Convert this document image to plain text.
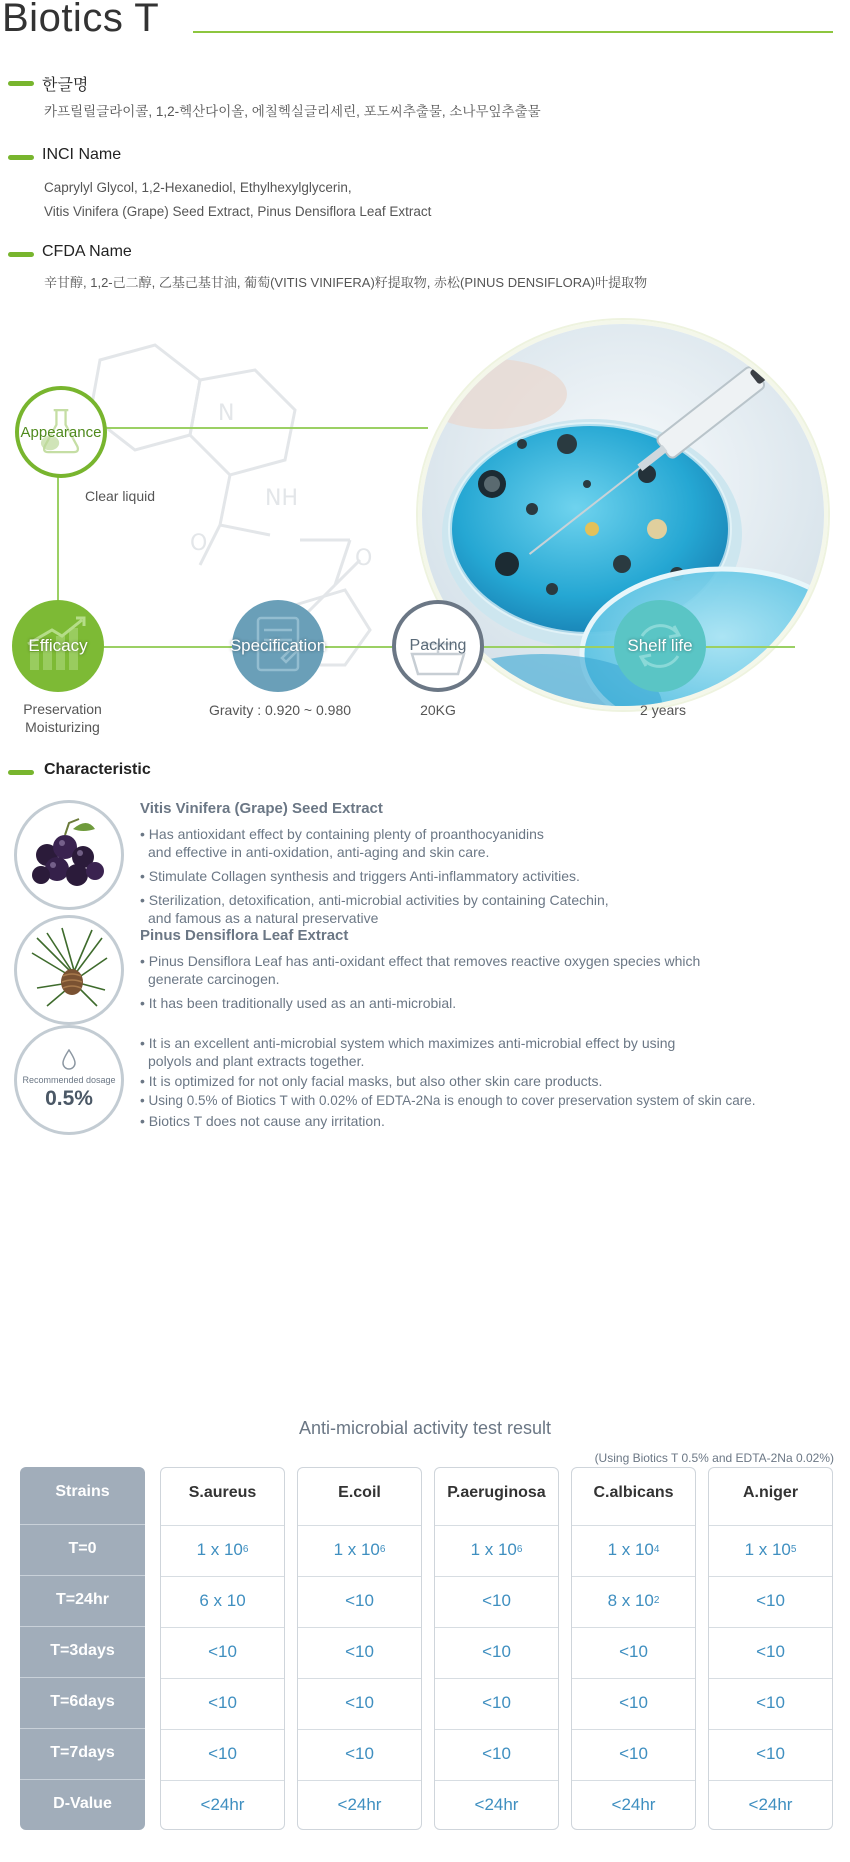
Biotics T
한글명
카프릴릴글라이콜, 1,2-헥산다이올, 에칠헥실글리세린, 포도씨추출물, 소나무잎추출물
INCI Name
Caprylyl Glycol, 1,2-Hexanediol, Ethylhexylglycerin,
Vitis Vinifera (Grape) Seed Extract, Pinus Densiflora Leaf Extract
CFDA Name
辛甘醇, 1,2-己二醇, 乙基己基甘油, 葡萄(VITIS VINIFERA)籽提取物, 赤松(PINUS DENSIFLORA)叶提取物
N
NH
O
O
Appearance
Clear liquid
Efficacy
Preservation
Moisturizing
Specification
Gravity : 0.920 ~ 0.980
Packing
20KG
Shelf life
2 years
Characteristic
Vitis Vinifera (Grape) Seed Extract
• Has antioxidant effect by containing plenty of proanthocyanidins
and effective in anti-oxidation, anti-aging and skin care.
• Stimulate Collagen synthesis and triggers Anti-inflammatory activities.
• Sterilization, detoxification, anti-microbial activities by containing Catechin,
and famous as a natural preservative
Pinus Densiflora Leaf Extract
• Pinus Densiflora Leaf has anti-oxidant effect that removes reactive oxygen species which
generate carcinogen.
• It has been traditionally used as an anti-microbial.
Recommended dosage
0.5%
• It is an excellent anti-microbial system which maximizes anti-microbial effect by using
polyols and plant extracts together.
• It is optimized for not only facial masks, but also other skin care products.
• Using 0.5% of Biotics T with 0.02% of EDTA-2Na is enough to cover preservation system of skin care.
• Biotics T does not cause any irritation.
Anti-microbial activity test result
(Using Biotics T 0.5% and EDTA-2Na 0.02%)
Strains
T=0
T=24hr
T=3days
T=6days
T=7days
D-Value
S.aureus
1 x 10 6
6 x 10
<10
<10
<10
<24hr
E.coil
1 x 10 6
<10
<10
<10
<10
<24hr
P.aeruginosa
1 x 10 6
<10
<10
<10
<10
<24hr
C.albicans
1 x 10 4
8 x 10 2
<10
<10
<10
<24hr
A.niger
1 x 10 5
<10
<10
<10
<10
<24hr
